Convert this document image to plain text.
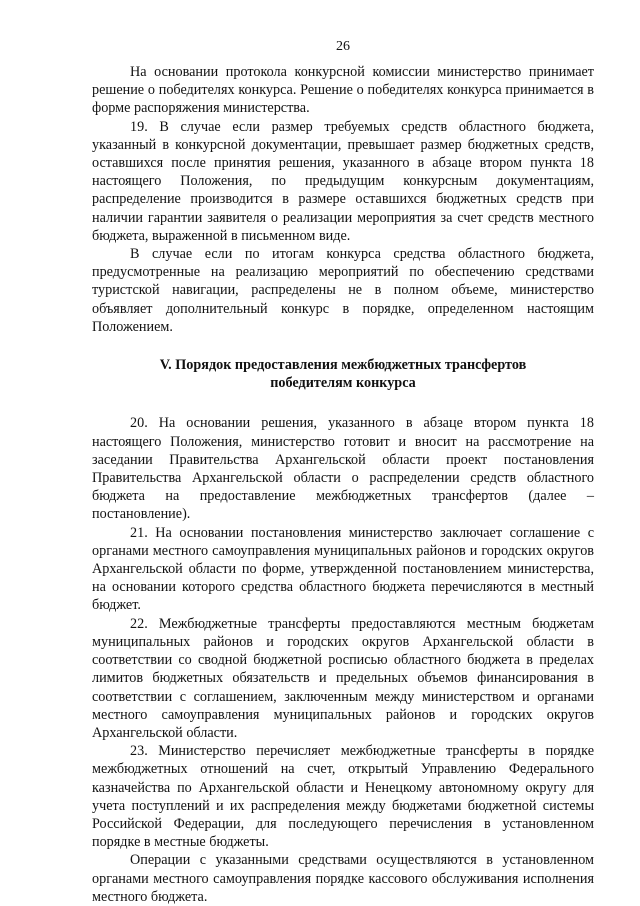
26

На основании протокола конкурсной комиссии министерство принимает решение о победителях конкурса. Решение о победителях конкурса принимается в форме распоряжения министерства.

19. В случае если размер требуемых средств областного бюджета, указанный в конкурсной документации, превышает размер бюджетных средств, оставшихся после принятия решения, указанного в абзаце втором пункта 18 настоящего Положения, по предыдущим конкурсным документациям, распределение производится в размере оставшихся бюджетных средств при наличии гарантии заявителя о реализации мероприятия за счет средств местного бюджета, выраженной в письменном виде.

В случае если по итогам конкурса средства областного бюджета, предусмотренные на реализацию мероприятий по обеспечению средствами туристской навигации, распределены не в полном объеме, министерство объявляет дополнительный конкурс в порядке, определенном настоящим Положением.

V. Порядок предоставления межбюджетных трансфертов
победителям конкурса

20. На основании решения, указанного в абзаце втором пункта 18 настоящего Положения, министерство готовит и вносит на рассмотрение на заседании Правительства Архангельской области проект постановления Правительства Архангельской области о распределении средств областного бюджета на предоставление межбюджетных трансфертов (далее – постановление).

21. На основании постановления министерство заключает соглашение с органами местного самоуправления муниципальных районов и городских округов Архангельской области по форме, утвержденной постановлением министерства, на основании которого средства областного бюджета перечисляются в местный бюджет.

22. Межбюджетные трансферты предоставляются местным бюджетам муниципальных районов и городских округов Архангельской области в соответствии со сводной бюджетной росписью областного бюджета в пределах лимитов бюджетных обязательств и предельных объемов финансирования в соответствии с соглашением, заключенным между министерством и органами местного самоуправления муниципальных районов и городских округов Архангельской области.

23. Министерство перечисляет межбюджетные трансферты в порядке межбюджетных отношений на счет, открытый Управлению Федерального казначейства по Архангельской области и Ненецкому автономному округу для учета поступлений и их распределения между бюджетами бюджетной системы Российской Федерации, для последующего перечисления в установленном порядке в местные бюджеты.

Операции с указанными средствами осуществляются в установленном органами местного самоуправления порядке кассового обслуживания исполнения местного бюджета.
